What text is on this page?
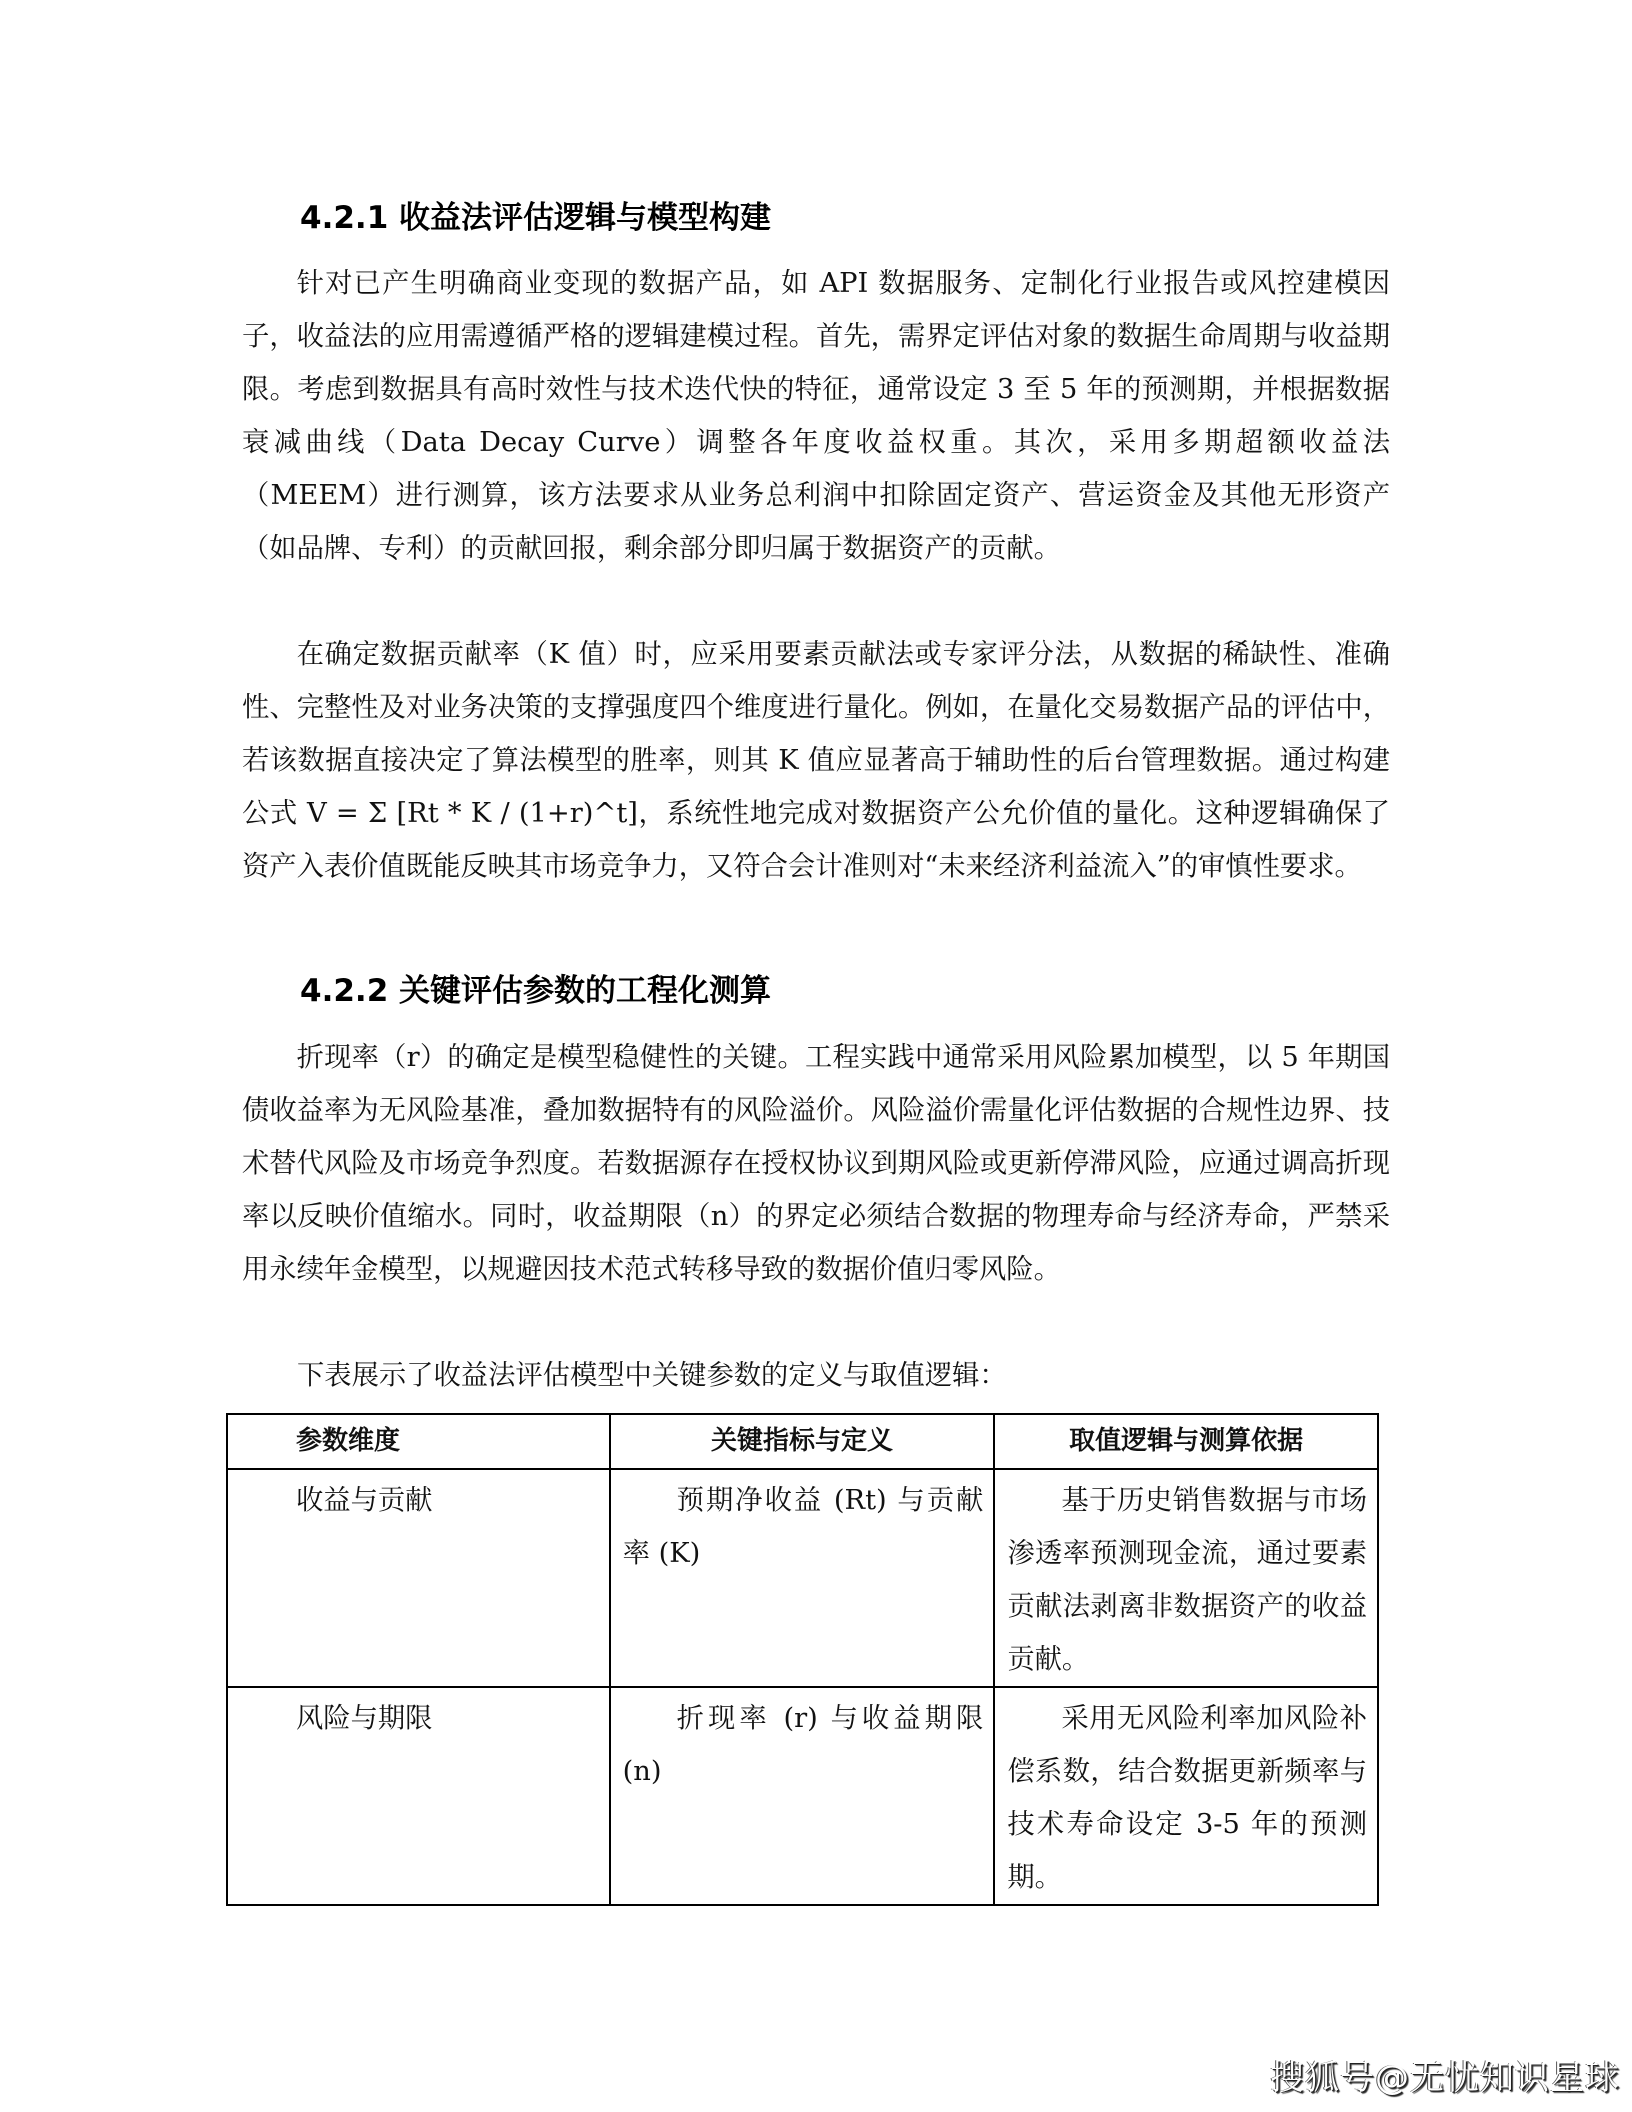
4.2.1 收益法评估逻辑与模型构建

针对已产生明确商业变现的数据产品，如 API 数据服务、定制化行业报告或风控建模因子，收益法的应用需遵循严格的逻辑建模过程。首先，需界定评估对象的数据生命周期与收益期限。考虑到数据具有高时效性与技术迭代快的特征，通常设定 3 至 5 年的预测期，并根据数据衰减曲线（Data Decay Curve）调整各年度收益权重。其次，采用多期超额收益法（MEEM）进行测算，该方法要求从业务总利润中扣除固定资产、营运资金及其他无形资产（如品牌、专利）的贡献回报，剩余部分即归属于数据资产的贡献。

在确定数据贡献率（K 值）时，应采用要素贡献法或专家评分法，从数据的稀缺性、准确性、完整性及对业务决策的支撑强度四个维度进行量化。例如，在量化交易数据产品的评估中，若该数据直接决定了算法模型的胜率，则其 K 值应显著高于辅助性的后台管理数据。通过构建公式 V = Σ [Rt * K / (1+r)^t]，系统性地完成对数据资产公允价值的量化。这种逻辑确保了资产入表价值既能反映其市场竞争力，又符合会计准则对“未来经济利益流入”的审慎性要求。

4.2.2 关键评估参数的工程化测算

折现率（r）的确定是模型稳健性的关键。工程实践中通常采用风险累加模型，以 5 年期国债收益率为无风险基准，叠加数据特有的风险溢价。风险溢价需量化评估数据的合规性边界、技术替代风险及市场竞争烈度。若数据源存在授权协议到期风险或更新停滞风险，应通过调高折现率以反映价值缩水。同时，收益期限（n）的界定必须结合数据的物理寿命与经济寿命，严禁采用永续年金模型，以规避因技术范式转移导致的数据价值归零风险。

下表展示了收益法评估模型中关键参数的定义与取值逻辑：

参数维度	关键指标与定义	取值逻辑与测算依据

收益与贡献	预期净收益 (Rt) 与贡献率 (K)	基于历史销售数据与市场渗透率预测现金流，通过要素贡献法剥离非数据资产的收益贡献。

风险与期限	折现率 (r) 与收益期限 (n)	采用无风险利率加风险补偿系数，结合数据更新频率与技术寿命设定 3-5 年的预测期。
搜狐号@无忧知识星球
